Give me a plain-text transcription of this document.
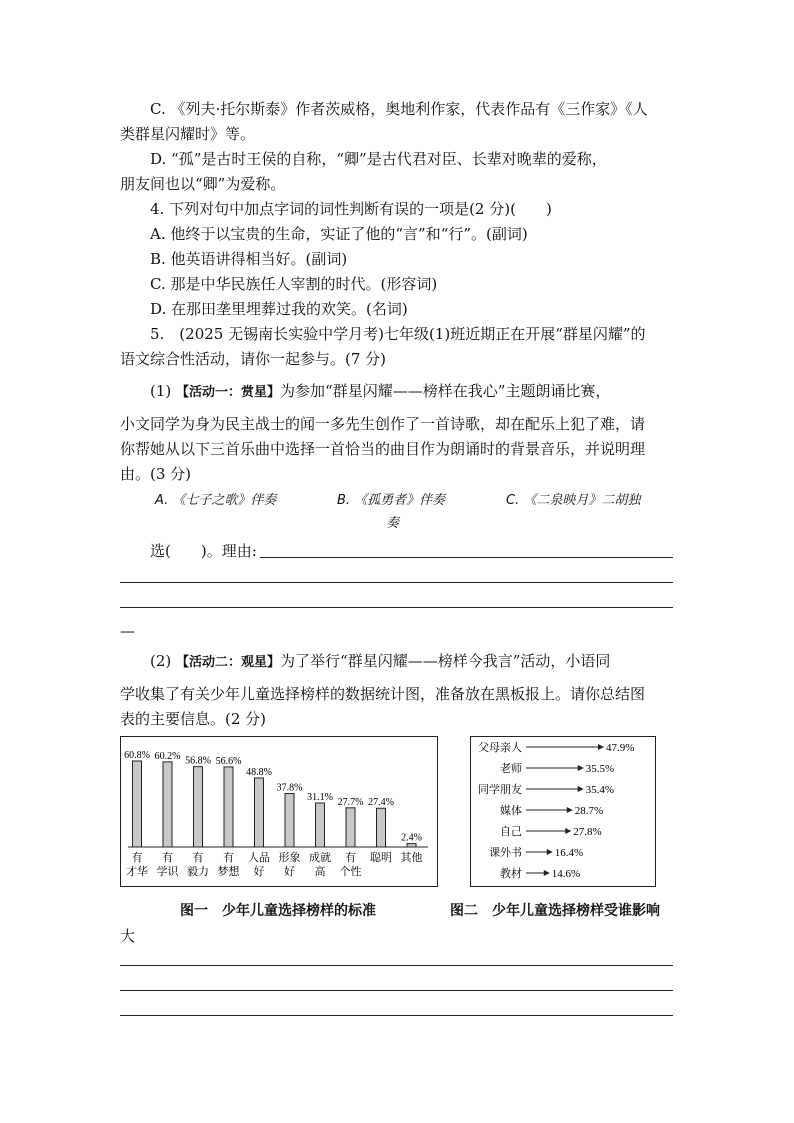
C. 《列夫·托尔斯泰》作者茨威格，奥地利作家，代表作品有《三作家》《人
类群星闪耀时》等。
D. “孤”是古时王侯的自称，“卿”是古代君对臣、长辈对晚辈的爱称，
朋友间也以“卿”为爱称。
4. 下列对句中加点字词的词性判断有误的一项是(2 分)(　　)
A. 他终于以宝贵的生命，实证了他的“言”和“行”。(副词)
B. 他英语讲得相当好。(副词)
C. 那是中华民族任人宰割的时代。(形容词)
D. 在那田垄里埋葬过我的欢笑。(名词)
5.　(2025 无锡南长实验中学月考)七年级(1)班近期正在开展“群星闪耀”的
语文综合性活动，请你一起参与。(7 分)
(1) 【活动一：赏星】为参加“群星闪耀——榜样在我心”主题朗诵比赛，
小文同学为身为民主战士的闻一多先生创作了一首诗歌，却在配乐上犯了难，请
你帮她从以下三首乐曲中选择一首恰当的曲目作为朗诵时的背景音乐，并说明理
由。(3 分)
A. 《七子之歌》伴奏	B. 《孤勇者》伴奏	C. 《二泉映月》二胡独
奏
选(　　)。理由:
—
(2) 【活动二：观星】为了举行“群星闪耀——榜样今我言”活动，小语同
学收集了有关少年儿童选择榜样的数据统计图，准备放在黑板报上。请你总结图
表的主要信息。(2 分)
60.8%
有
才华
60.2%
有
学识
56.8%
有
毅力
56.6%
有
梦想
48.8%
人品
好
37.8%
形象
好
31.1%
成就
高
27.7%
有
个性
27.4%
聪明
2.4%
其他
父母亲人	47.9%
老师	35.5%
同学朋友	35.4%
媒体	28.7%
自己	27.8%
课外书	16.4%
教材	14.6%
图一　少年儿童选择榜样的标准	图二　少年儿童选择榜样受谁影响
大
